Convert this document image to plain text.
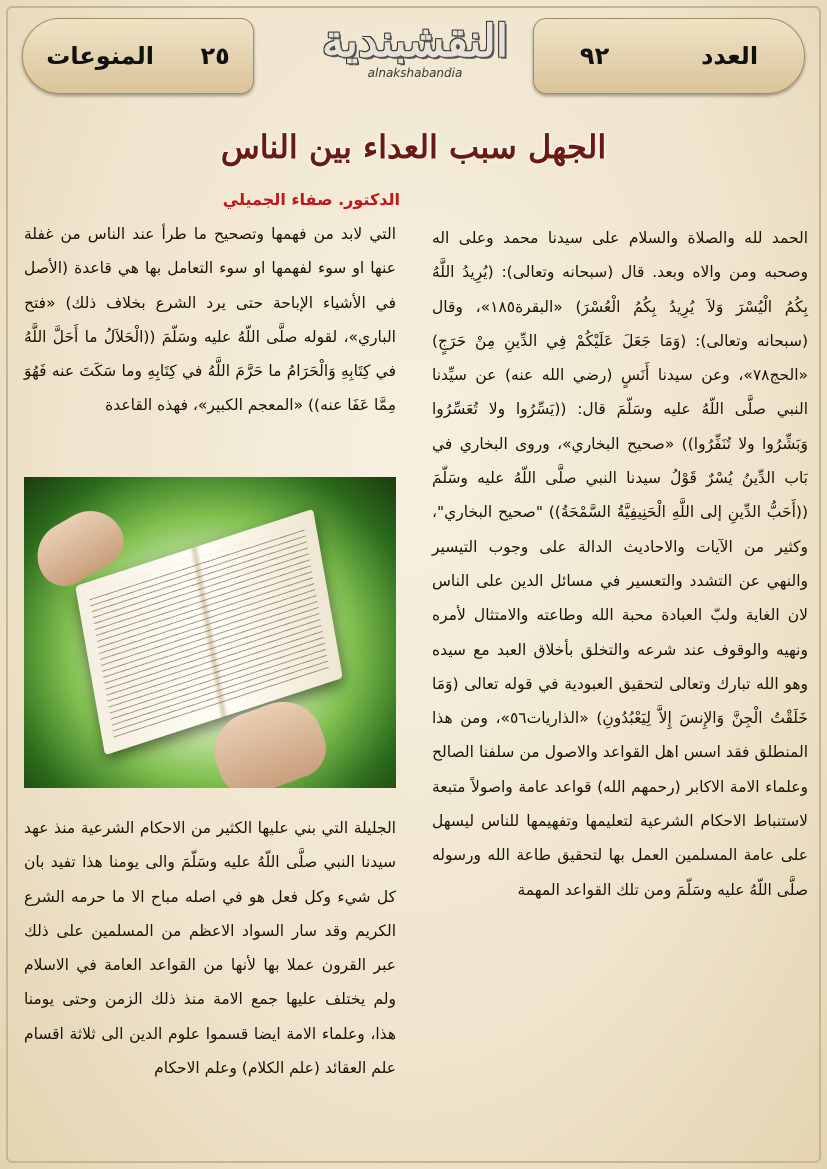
المنوعات ٢٥	النقشبندية
alnakshabandia
٩٢	العدد
الجهل سبب العداء بين الناس
الدكتور. صفاء الجميلي

الحمد لله والصلاة والسلام على سيدنا محمد وعلى اله وصحبه ومن والاه وبعد. قال (سبحانه وتعالى): (يُرِيدُ اللَّهُ بِكُمُ الْيُسْرَ وَلاَ يُرِيدُ بِكُمُ الْعُسْرَ) «البقرة١٨٥»، وقال (سبحانه وتعالى): (وَمَا جَعَلَ عَلَيْكُمْ فِي الدِّينِ مِنْ حَرَجٍ) «الحج٧٨»، وعن سيدنا أَنَسٍ (رضي الله عنه) عن سيِّدنا النبي صلَّى اللّهُ عليه وسَلّمَ قال: ((يَسِّرُوا ولا تُعَسِّرُوا وَبَشِّرُوا ولا تُنَفِّرُوا)) «صحيح البخاري»، وروى البخاري في بَاب الدِّينُ يُسْرٌ قَوْلُ سيدنا النبي صلَّى اللّهُ عليه وسَلّمَ ((أَحَبُّ الدِّينِ إلى اللَّهِ الْحَنِيفِيَّةُ السَّمْحَةُ)) "صحيح البخاري"، وكثير من الآيات والاحاديث الدالة على وجوب التيسير والنهي عن التشدد والتعسير في مسائل الدين على الناس لان الغاية ولبّ العبادة محبة الله وطاعته والامتثال لأمره ونهيه والوقوف عند شرعه والتخلق بأخلاق العبد مع سيده وهو الله تبارك وتعالى لتحقيق العبودية في قوله تعالى (وَمَا خَلَقْتُ الْجِنَّ وَالإِنسَ إِلاَّ لِيَعْبُدُونِ) «الذاريات٥٦»، ومن هذا المنطلق فقد اسس اهل القواعد والاصول من سلفنا الصالح وعلماء الامة الاكابر (رحمهم الله) قواعد عامة واصولاً متبعة لاستنباط الاحكام الشرعية لتعليمها وتفهيمها للناس ليسهل على عامة المسلمين العمل بها لتحقيق طاعة الله ورسوله صلَّى اللّهُ عليه وسَلّمَ ومن تلك القواعد المهمة

التي لابد من فهمها وتصحيح ما طرأ عند الناس من غفلة عنها او سوء لفهمها او سوء التعامل بها هي قاعدة (الأصل في الأشياء الإباحة حتى يرد الشرع بخلاف ذلك) «فتح الباري»، لقوله صلَّى اللّهُ عليه وسَلّمَ ((الْحَلاَلُ ما أَحَلَّ اللَّهُ في كِتَابِهِ وَالْحَرَامُ ما حَرَّمَ اللَّهُ في كِتَابِهِ وما سَكَتَ عنه فَهُوَ مِمَّا عَفَا عنه)) «المعجم الكبير»، فهذه القاعدة

الجليلة التي بني عليها الكثير من الاحكام الشرعية منذ عهد سيدنا النبي صلَّى اللّهُ عليه وسَلّمَ والى يومنا هذا تفيد بان كل شيء وكل فعل هو في اصله مباح الا ما حرمه الشرع الكريم وقد سار السواد الاعظم من المسلمين على ذلك عبر القرون عملا بها لأنها من القواعد العامة في الاسلام ولم يختلف عليها جمع الامة منذ ذلك الزمن وحتى يومنا هذا، وعلماء الامة ايضا قسموا علوم الدين الى ثلاثة اقسام علم العقائد (علم الكلام) وعلم الاحكام
